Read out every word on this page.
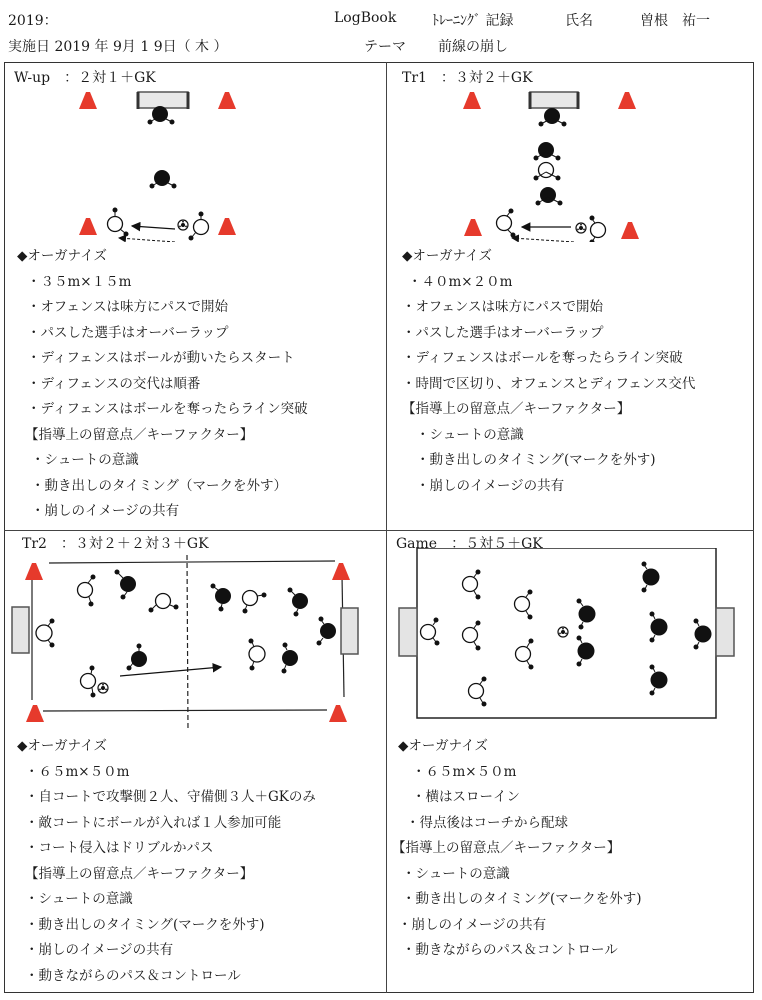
2019：	LogBook	ﾄﾚｰﾆﾝｸﾞ 記録	氏名	曽根　祐一
実施日 2019 年 9月 1 9日（ 木 ）	テーマ 前線の崩し
W-up　：２対１＋GK
◆オーガナイズ
・３５m×１５m
・オフェンスは味方にパスで開始
・パスした選手はオーバーラップ
・ディフェンスはボールが動いたらスタート
・ディフェンスの交代は順番
・ディフェンスはボールを奪ったらライン突破
【指導上の留意点／キーファクター】
・シュートの意識
・動き出しのタイミング（マークを外す）
・崩しのイメージの共有
Tr1　：３対２＋GK
◆オーガナイズ
・４０m×２０m
・オフェンスは味方にパスで開始
・パスした選手はオーバーラップ
・ディフェンスはボールを奪ったらライン突破
・時間で区切り、オフェンスとディフェンス交代
【指導上の留意点／キーファクター】
・シュートの意識
・動き出しのタイミング(マークを外す)
・崩しのイメージの共有
Tr2　：３対２＋２対３＋GK
◆オーガナイズ
・６５m×５０m
・自コートで攻撃側２人、守備側３人＋GKのみ
・敵コートにボールが入れば１人参加可能
・コート侵入はドリブルかパス
【指導上の留意点／キーファクター】
・シュートの意識
・動き出しのタイミング(マークを外す)
・崩しのイメージの共有
・動きながらのパス＆コントロール
Game　：５対５＋GK
◆オーガナイズ
・６５m×５０m
・横はスローイン
・得点後はコーチから配球
【指導上の留意点／キーファクター】
・シュートの意識
・動き出しのタイミング(マークを外す)
・崩しのイメージの共有
・動きながらのパス＆コントロール
